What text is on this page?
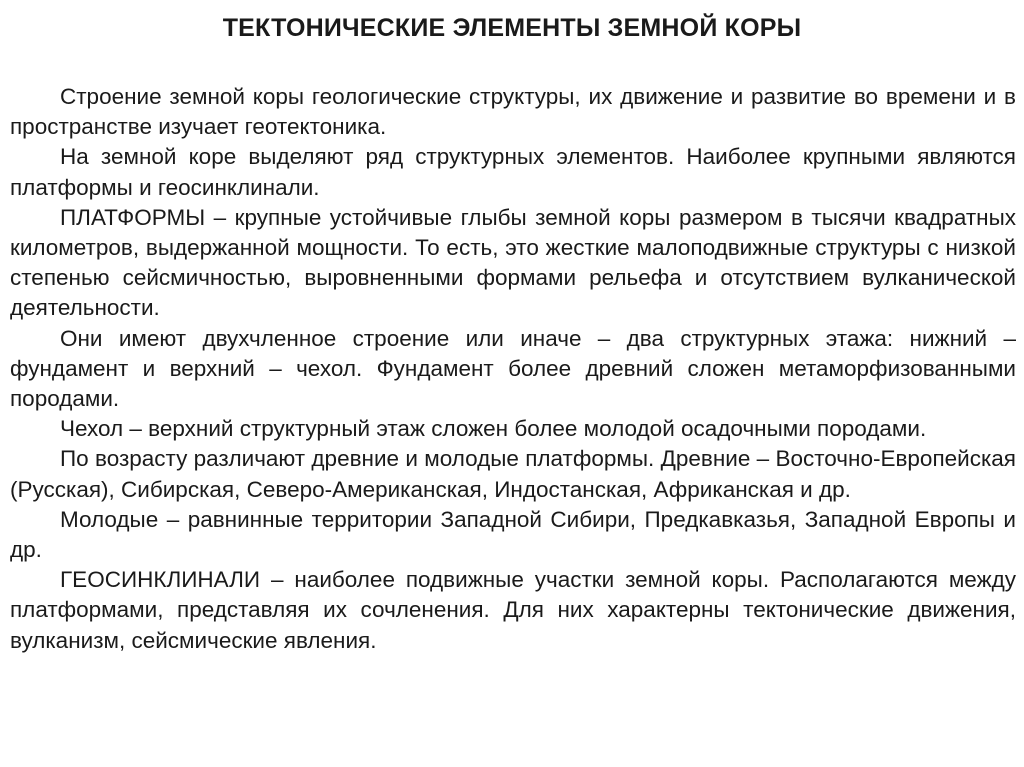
ТЕКТОНИЧЕСКИЕ ЭЛЕМЕНТЫ ЗЕМНОЙ КОРЫ

Строение земной коры геологические структуры, их движение и развитие во времени и в пространстве изучает геотектоника.

На земной коре выделяют ряд структурных элементов. Наиболее крупными являются платформы и геосинклинали.

ПЛАТФОРМЫ – крупные устойчивые глыбы земной коры размером в тысячи квадратных километров, выдержанной мощности. То есть, это жесткие малоподвижные структуры с низкой степенью сейсмичностью, выровненными формами рельефа и отсутствием вулканической деятельности.

Они имеют двухчленное строение или иначе – два структурных этажа: нижний – фундамент и верхний – чехол. Фундамент более древний сложен метаморфизованными породами.

Чехол – верхний структурный этаж сложен более молодой осадочными породами.

По возрасту различают древние и молодые платформы. Древние – Восточно-Европейская (Русская), Сибирская, Северо-Американская, Индостанская, Африканская и др.

Молодые – равнинные территории Западной Сибири, Предкавказья, Западной Европы и др.

ГЕОСИНКЛИНАЛИ – наиболее подвижные участки земной коры. Располагаются между платформами, представляя их сочленения. Для них характерны тектонические движения, вулканизм, сейсмические явления.
